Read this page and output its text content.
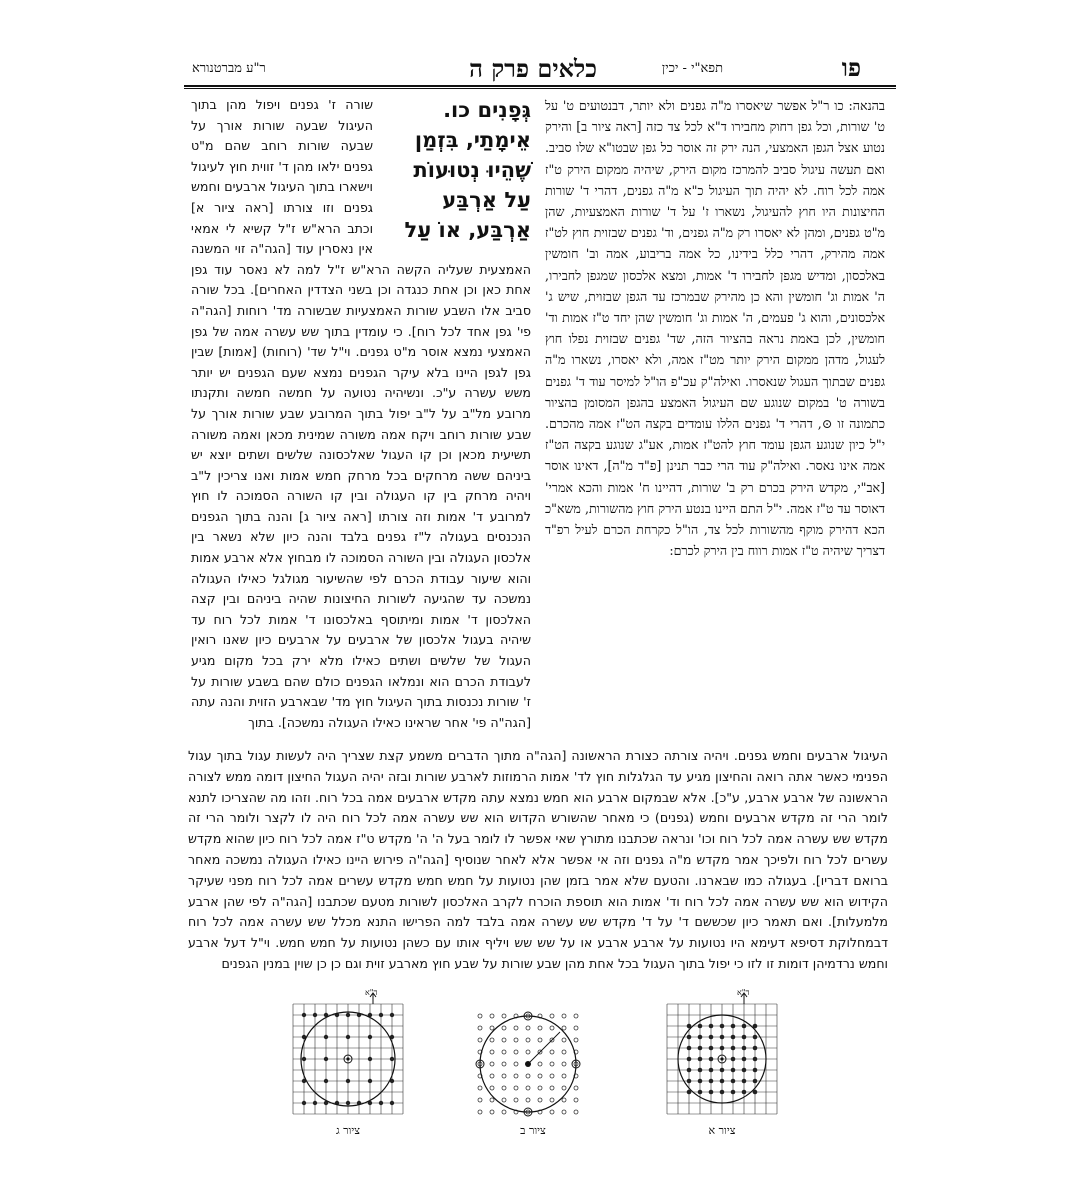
פו
תפא"י - יכין
כלאים פרק ה
ר"ע מברטנורא
בהנאה: כו ר"ל אפשר שיאסרו מ"ה גפנים ולא יותר, דבנטועים ט' על ט' שורות, וכל גפן רחוק מחבירו ד"א לכל צד כזה [ראה ציור ב] והירק נטוע אצל הגפן האמצעי, הנה ירק זה אוסר כל גפן שבטו"א שלו סביב. ואם תעשה עיגול סביב להמרכז מקום הירק, שיהיה ממקום הירק ט"ז אמה לכל רוח. לא יהיה תוך העיגול כ"א מ"ה גפנים, דהרי ד' שורות החיצונות היו חוץ להעיגול, נשארו ז' על ד' שורות האמצעיות, שהן מ"ט גפנים, ומהן לא יאסרו רק מ"ה גפנים, וד' גפנים שבזוית חוץ לט"ז אמה מהירק, דהרי כלל בידינו, כל אמה בריבוע, אמה וב' חומשין באלכסון, ומדיש מגפן לחבירו ד' אמות, ומצא אלכסון שמגפן לחבירו, ה' אמות וג' חומשין והא כן מהירק שבמרכז עד הגפן שבזוית, שיש ג' אלכסונים, והוא ג' פעמים, ה' אמות וג' חומשין שהן יחד ט"ז אמות וד' חומשין, לכן באמת נראה בהציור הזה, שד' גפנים שבזוית נפלו חוץ לעגול, מדהן ממקום הירק יותר מט"ז אמה, ולא יאסרו, נשארו מ"ה גפנים שבתוך העגול שנאסרו. ואילה"ק עכ"פ הו"ל למיסר עוד ד' גפנים בשורה ט' במקום שנוגע שם העיגול האמצע בהגפן המסומן בהציור כתמונה זו ⊙, דהרי ד' גפנים הללו עומדים בקצה הט"ז אמה מהכרם. י"ל כיון שנוגע הגפן עומד חוץ להט"ז אמות, אע"ג שנוגע בקצה הט"ז אמה אינו נאסר. ואילה"ק עוד הרי כבר תנינן [פ"ד מ"ה], דאינו אוסר [אב"י, מקדש הירק בכרם רק ב' שורות, דהיינו ח' אמות והכא אמרי' דאוסר עד ט"ז אמה. י"ל התם היינו בנטע הירק חוץ מהשורות, משא"כ הכא דהירק מוקף מהשורות לכל צד, הו"ל כקרחת הכרם לעיל רפ"ד דצריך שיהיה ט"ז אמות רווח בין הירק לכרם:
גְּפָנִים כו. אֵימָתַי, בִּזְמַן שֶׁהֵיוּ נְטוּעוֹת עַל אַרְבַּע אַרְבַּע, אוֹ עַל
שורה ז' גפנים ויפול מהן בתוך העיגול שבעה שורות אורך על שבעה שורות רוחב שהם מ"ט גפנים ילאו מהן ד' זווית חוץ לעיגול וישארו בתוך העיגול ארבעים וחמש גפנים וזו צורתו [ראה ציור א] וכתב הרא"ש ז"ל קשיא לי אמאי אין נאסרין עוד [הגה"ה זוי המשנה האמצעית שעליה הקשה הרא"ש ז"ל למה לא נאסר עוד גפן אחת כאן וכן אחת כנגדה וכן בשני הצדדין האחרים]. בכל שורה סביב אלו השבע שורות האמצעיות שבשורה מד' רוחות [הגה"ה פי' גפן אחד לכל רוח]. כי עומדין בתוך שש עשרה אמה של גפן האמצעי נמצא אוסר מ"ט גפנים. וי"ל שד' (רוחות) [אמות] שבין גפן לגפן היינו בלא עיקר הגפנים נמצא שעם הגפנים יש יותר משש עשרה ע"כ. ונשיהיה נטועה על חמשה חמשה ותקנתו מרובע מל"ב על ל"ב יפול בתוך המרובע שבע שורות אורך על שבע שורות רוחב ויקח אמה משורה שמינית מכאן ואמה משורה תשיעית מכאן וכן קו העגול שאלכסונה שלשים ושתים יוצא יש ביניהם ששה מרחקים בכל מרחק חמש אמות ואנו צריכין ל"ב ויהיה מרחק בין קו העגולה ובין קו השורה הסמוכה לו חוץ למרובע ד' אמות וזה צורתו [ראה ציור ג] והנה בתוך הגפנים הנכנסים בעגולה ל"ז גפנים בלבד והנה כיון שלא נשאר בין אלכסון העגולה ובין השורה הסמוכה לו מבחוץ אלא ארבע אמות והוא שיעור עבודת הכרם לפי שהשיעור מגולגל כאילו העגולה נמשכה עד שהגיעה לשורות החיצונות שהיה ביניהם ובין קצה האלכסון ד' אמות ומיתוסף באלכסונו ד' אמות לכל רוח עד שיהיה בעגול אלכסון של ארבעים על ארבעים כיון שאנו רואין העגול של שלשים ושתים כאילו מלא ירק בכל מקום מגיע לעבודת הכרם הוא ונמלאו הגפנים כולם שהם בשבע שורות על ז' שורות נכנסות בתוך העיגול חוץ מד' שבארבע הזוית והנה עתה [הגה"ה פי' אחר שראינו כאילו העגולה נמשכה]. בתוך
העיגול ארבעים וחמש גפנים. ויהיה צורתה כצורת הראשונה [הגה"ה מתוך הדברים משמע קצת שצריך היה לעשות עגול בתוך עגול הפנימי כאשר אתה רואה והחיצון מגיע עד הגלגלות חוץ לד' אמות הרמוזות לארבע שורות ובזה יהיה העגול החיצון דומה ממש לצורה הראשונה של ארבע ארבע, ע"כ]. אלא שבמקום ארבע הוא חמש נמצא עתה מקדש ארבעים אמה בכל רוח. וזהו מה שהצריכו לתנא לומר הרי זה מקדש ארבעים וחמש (גפנים) כי מאחר שהשורש הקדוש הוא שש עשרה אמה לכל רוח היה לו לקצר ולומר הרי זה מקדש שש עשרה אמה לכל רוח וכו' ונראה שכתבנו מתורץ שאי אפשר לו לומר בעל ה' ה' מקדש ט"ז אמה לכל רוח כיון שהוא מקדש עשרים לכל רוח ולפיכך אמר מקדש מ"ה גפנים וזה אי אפשר אלא לאחר שנוסיף [הגה"ה פירוש היינו כאילו העגולה נמשכה מאחר ברואם דבריו]. בעגולה כמו שבארנו. והטעם שלא אמר בזמן שהן נטועות על חמש חמש מקדש עשרים אמה לכל רוח מפני שעיקר הקידוש הוא שש עשרה אמה לכל רוח וד' אמות הוא תוספת הוכרח לקרב האלכסון לשורות מטעם שכתבנו [הגה"ה לפי שהן ארבע מלמעלות]. ואם תאמר כיון שכששם ד' על ד' מקדש שש עשרה אמה בלבד למה הפרישו התנא מכלל שש עשרה אמה לכל רוח דבמחלוקת דסיפא דעימא היו נטועות על ארבע ארבע או על שש שש ויליף אותו עם כשהן נטועות על חמש חמש. וי"ל דעל ארבע וחמש נרדמיהן דומות זו לזו כי יפול בתוך העגול בכל אחת מהן שבע שורות על שבע חוץ מארבע זוית וגם כן כן שוין במנין הגפנים
ד"א
ציור ג	ציור ב
ד"א
ציור א
